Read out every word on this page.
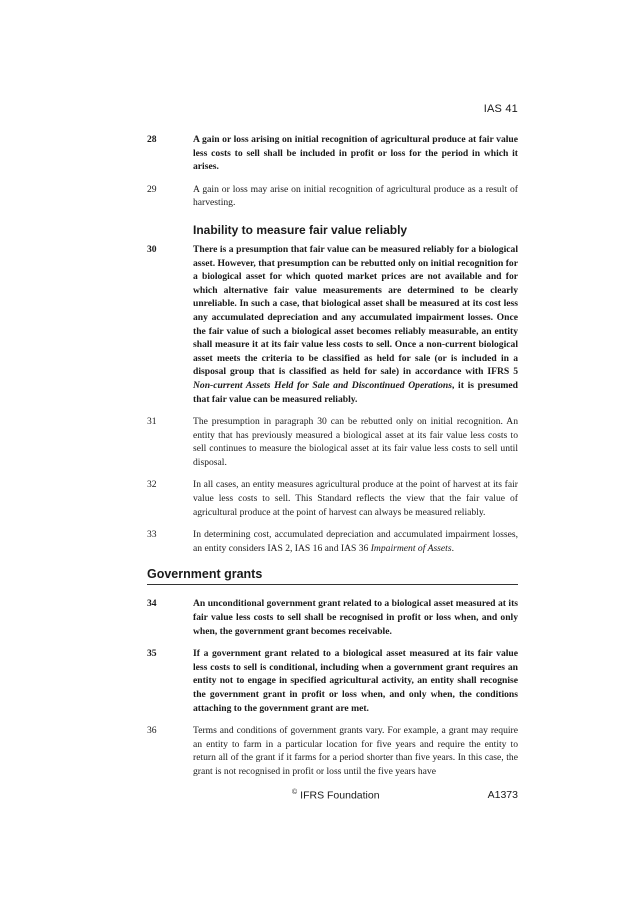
IAS 41
28	A gain or loss arising on initial recognition of agricultural produce at fair value less costs to sell shall be included in profit or loss for the period in which it arises.

29	A gain or loss may arise on initial recognition of agricultural produce as a result of harvesting.

Inability to measure fair value reliably
30	There is a presumption that fair value can be measured reliably for a biological asset. However, that presumption can be rebutted only on initial recognition for a biological asset for which quoted market prices are not available and for which alternative fair value measurements are determined to be clearly unreliable. In such a case, that biological asset shall be measured at its cost less any accumulated depreciation and any accumulated impairment losses. Once the fair value of such a biological asset becomes reliably measurable, an entity shall measure it at its fair value less costs to sell. Once a non-current biological asset meets the criteria to be classified as held for sale (or is included in a disposal group that is classified as held for sale) in accordance with IFRS 5 Non-current Assets Held for Sale and Discontinued Operations, it is presumed that fair value can be measured reliably.

31	The presumption in paragraph 30 can be rebutted only on initial recognition. An entity that has previously measured a biological asset at its fair value less costs to sell continues to measure the biological asset at its fair value less costs to sell until disposal.

32	In all cases, an entity measures agricultural produce at the point of harvest at its fair value less costs to sell. This Standard reflects the view that the fair value of agricultural produce at the point of harvest can always be measured reliably.

33	In determining cost, accumulated depreciation and accumulated impairment losses, an entity considers IAS 2, IAS 16 and IAS 36 Impairment of Assets.

Government grants
34	An unconditional government grant related to a biological asset measured at its fair value less costs to sell shall be recognised in profit or loss when, and only when, the government grant becomes receivable.

35	If a government grant related to a biological asset measured at its fair value less costs to sell is conditional, including when a government grant requires an entity not to engage in specified agricultural activity, an entity shall recognise the government grant in profit or loss when, and only when, the conditions attaching to the government grant are met.

36	Terms and conditions of government grants vary. For example, a grant may require an entity to farm in a particular location for five years and require the entity to return all of the grant if it farms for a period shorter than five years. In this case, the grant is not recognised in profit or loss until the five years have

© IFRS Foundation	A1373
